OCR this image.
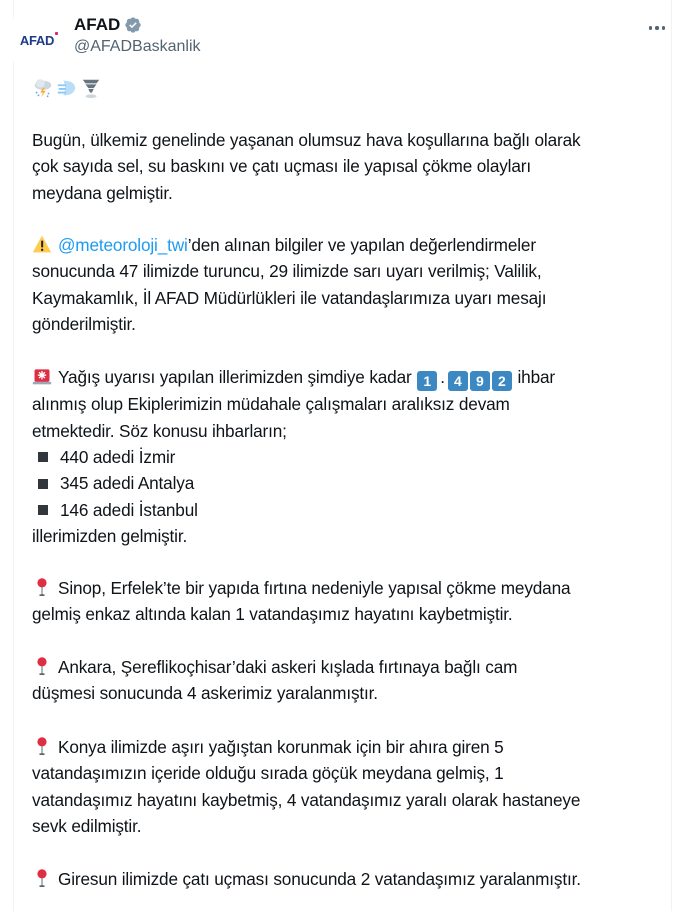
AFAD
AFAD
@AFADBaskanlik
Bugün, ülkemiz genelinde yaşanan olumsuz hava koşullarına bağlı olarak
çok sayıda sel, su baskını ve çatı uçması ile yapısal çökme olayları
meydana gelmiştir.
@meteoroloji_twi’den alınan bilgiler ve yapılan değerlendirmeler
sonucunda 47 ilimizde turuncu, 29 ilimizde sarı uyarı verilmiş; Valilik,
Kaymakamlık, İl AFAD Müdürlükleri ile vatandaşlarımıza uyarı mesajı
gönderilmiştir.
Yağış uyarısı yapılan illerimizden şimdiye kadar 1 . 4 9 2 ihbar
alınmış olup Ekiplerimizin müdahale çalışmaları aralıksız devam
etmektedir. Söz konusu ihbarların;
440 adedi İzmir
345 adedi Antalya
146 adedi İstanbul
illerimizden gelmiştir.
Sinop, Erfelek’te bir yapıda fırtına nedeniyle yapısal çökme meydana
gelmiş enkaz altında kalan 1 vatandaşımız hayatını kaybetmiştir.
Ankara, Şereflikoçhisar’daki askeri kışlada fırtınaya bağlı cam
düşmesi sonucunda 4 askerimiz yaralanmıştır.
Konya ilimizde aşırı yağıştan korunmak için bir ahıra giren 5
vatandaşımızın içeride olduğu sırada göçük meydana gelmiş, 1
vatandaşımız hayatını kaybetmiş, 4 vatandaşımız yaralı olarak hastaneye
sevk edilmiştir.
Giresun ilimizde çatı uçması sonucunda 2 vatandaşımız yaralanmıştır.
